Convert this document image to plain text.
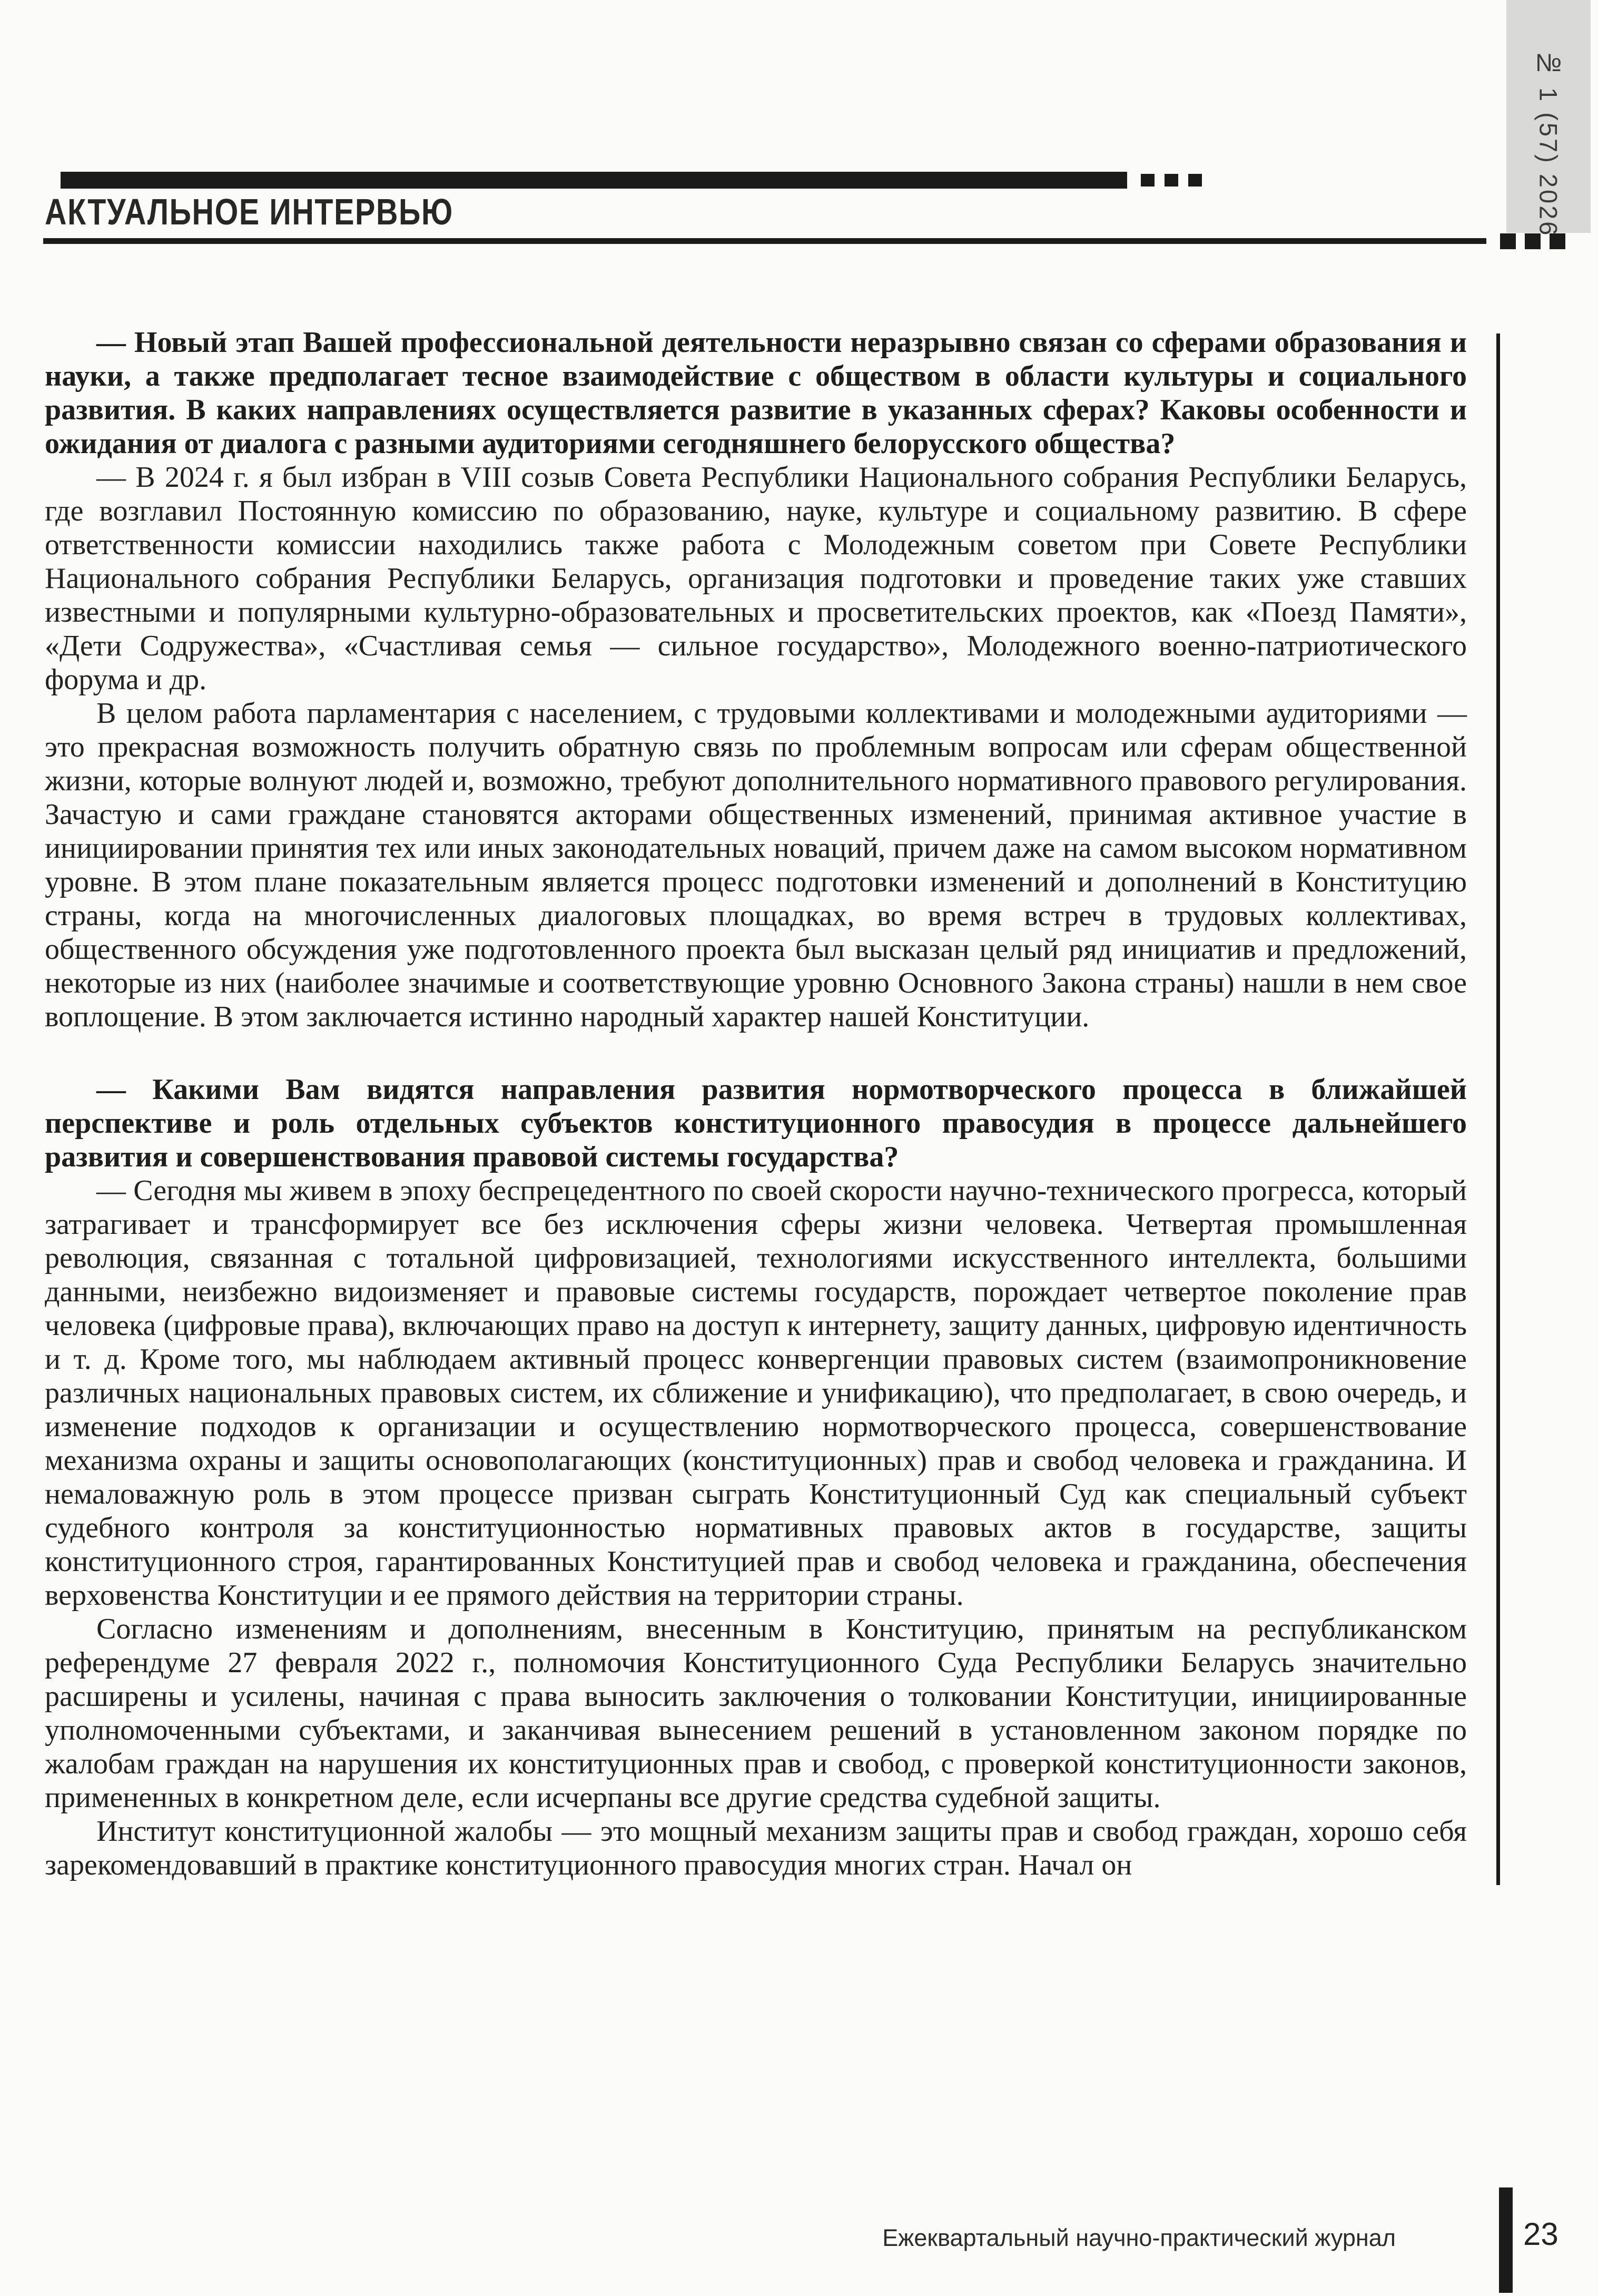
АКТУАЛЬНОЕ ИНТЕРВЬЮ	№ 1 (57) 2026

— Новый этап Вашей профессиональной деятельности неразрывно связан со сферами образования и науки, а также предполагает тесное взаимодействие с обществом в области культуры и социального развития. В каких направлениях осуществляется развитие в указанных сферах? Каковы особенности и ожидания от диалога с разными аудиториями сегодняшнего белорусского общества?

— В 2024 г. я был избран в VIII созыв Совета Республики Национального собрания Республики Беларусь, где возглавил Постоянную комиссию по образованию, науке, культуре и социальному развитию. В сфере ответственности комиссии находились также работа с Молодежным советом при Совете Республики Национального собрания Республики Беларусь, организация подготовки и проведение таких уже ставших известными и популярными культурно-образовательных и просветительских проектов, как «Поезд Памяти», «Дети Содружества», «Счастливая семья — сильное государство», Молодежного военно-патриотического форума и др.

В целом работа парламентария с населением, с трудовыми коллективами и молодежными аудиториями — это прекрасная возможность получить обратную связь по проблемным вопросам или сферам общественной жизни, которые волнуют людей и, возможно, требуют дополнительного нормативного правового регулирования. Зачастую и сами граждане становятся акторами общественных изменений, принимая активное участие в инициировании принятия тех или иных законодательных новаций, причем даже на самом высоком нормативном уровне. В этом плане показательным является процесс подготовки изменений и дополнений в Конституцию страны, когда на многочисленных диалоговых площадках, во время встреч в трудовых коллективах, общественного обсуждения уже подготовленного проекта был высказан целый ряд инициатив и предложений, некоторые из них (наиболее значимые и соответствующие уровню Основного Закона страны) нашли в нем свое воплощение. В этом заключается истинно народный характер нашей Конституции.

— Какими Вам видятся направления развития нормотворческого процесса в ближайшей перспективе и роль отдельных субъектов конституционного правосудия в процессе дальнейшего развития и совершенствования правовой системы государства?

— Сегодня мы живем в эпоху беспрецедентного по своей скорости научно-технического прогресса, который затрагивает и трансформирует все без исключения сферы жизни человека. Четвертая промышленная революция, связанная с тотальной цифровизацией, технологиями искусственного интеллекта, большими данными, неизбежно видоизменяет и правовые системы государств, порождает четвертое поколение прав человека (цифровые права), включающих право на доступ к интернету, защиту данных, цифровую идентичность и т. д. Кроме того, мы наблюдаем активный процесс конвергенции правовых систем (взаимопроникновение различных национальных правовых систем, их сближение и унификацию), что предполагает, в свою очередь, и изменение подходов к организации и осуществлению нормотворческого процесса, совершенствование механизма охраны и защиты основополагающих (конституционных) прав и свобод человека и гражданина. И немаловажную роль в этом процессе призван сыграть Конституционный Суд как специальный субъект судебного контроля за конституционностью нормативных правовых актов в государстве, защиты конституционного строя, гарантированных Конституцией прав и свобод человека и гражданина, обеспечения верховенства Конституции и ее прямого действия на территории страны.

Согласно изменениям и дополнениям, внесенным в Конституцию, принятым на республиканском референдуме 27 февраля 2022 г., полномочия Конституционного Суда Республики Беларусь значительно расширены и усилены, начиная с права выносить заключения о толковании Конституции, инициированные уполномоченными субъектами, и заканчивая вынесением решений в установленном законом порядке по жалобам граждан на нарушения их конституционных прав и свобод, с проверкой конституционности законов, примененных в конкретном деле, если исчерпаны все другие средства судебной защиты.

Институт конституционной жалобы — это мощный механизм защиты прав и свобод граждан, хорошо себя зарекомендовавший в практике конституционного правосудия многих стран. Начал он

Ежеквартальный научно-практический журнал	23
